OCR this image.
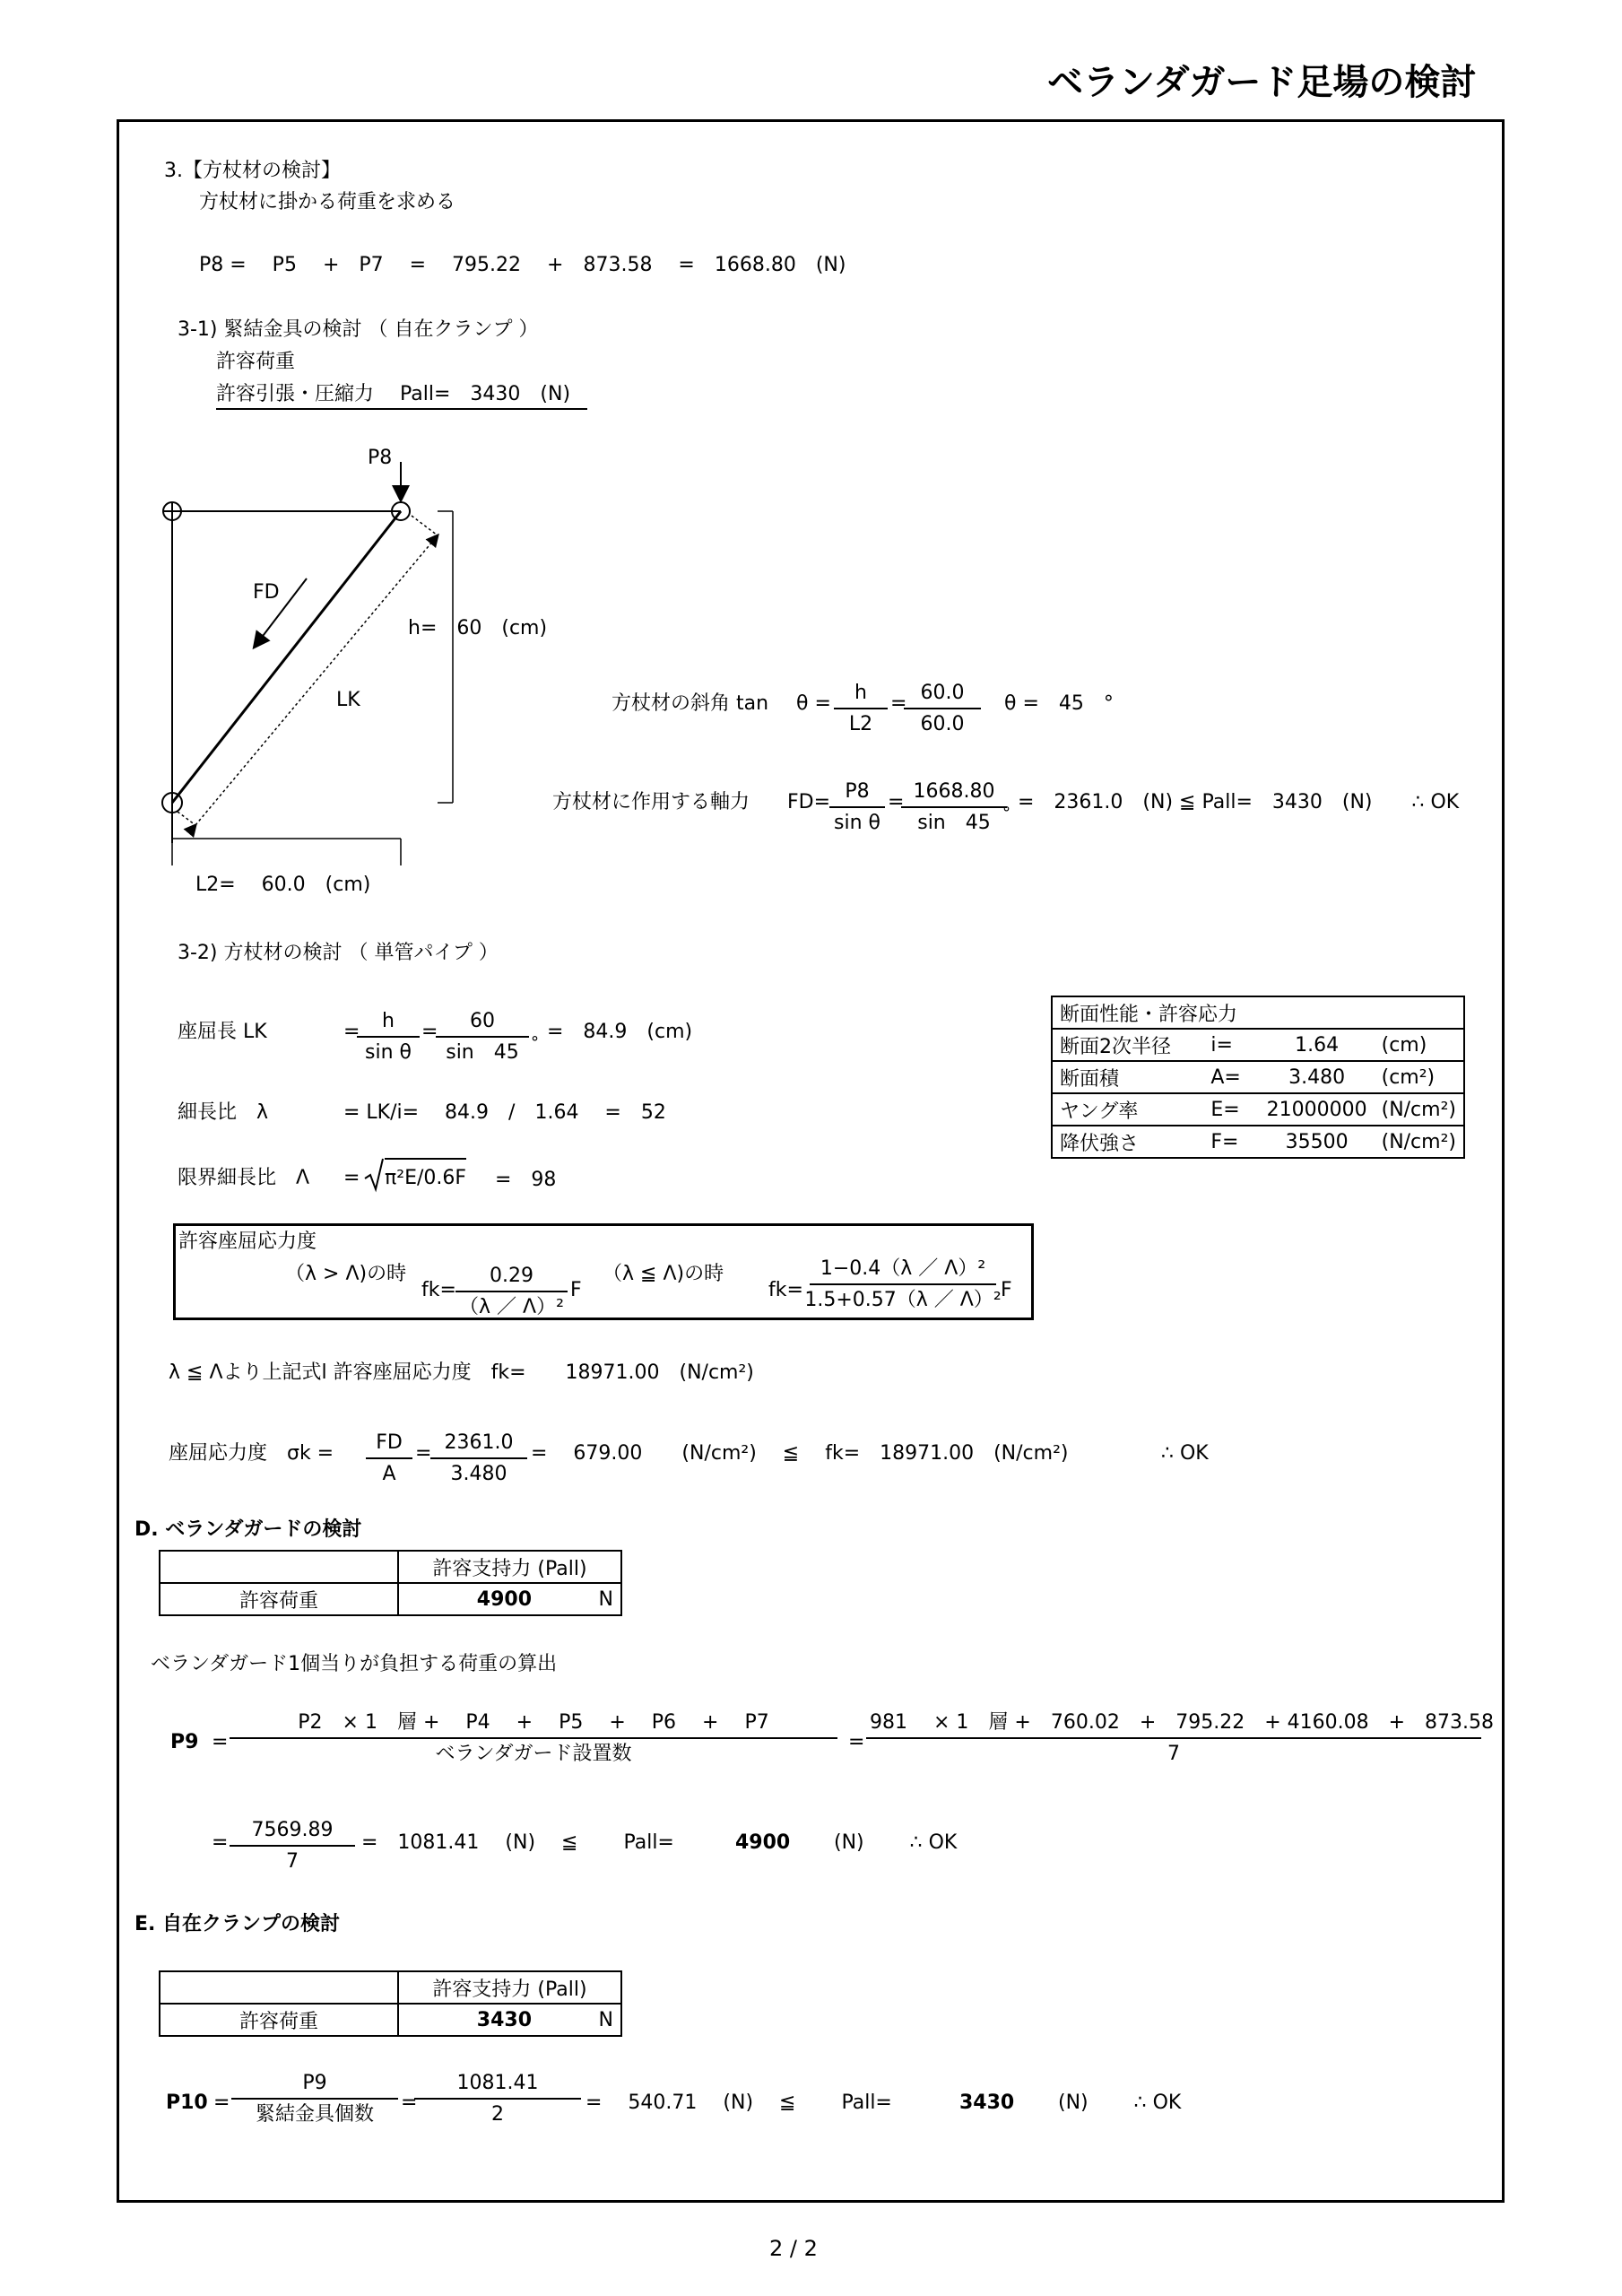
ベランダガード足場の検討
3.【方杖材の検討】
方杖材に掛かる荷重を求める
P8 =　 P5　 +　P7　 =　 795.22　 +　873.58　 =　1668.80　(N)
3-1) 緊結金具の検討 （ 自在クランプ ）
許容荷重
許容引張・圧縮力　 Pall=　3430　(N)
P8
FD
LK
h=　60　(cm)
L2=　 60.0　(cm)
方杖材の斜角 $\tan \theta = \frac{h}{L2}$ =
$\frac{60.0}{60.0}$ θ =　45　°
方杖材に作用する軸力 FD=
$\frac{P8}{\text{sin θ}}$ =
$\frac{1668.80}{\sin 45}$
° =　2361.0　(N) ≦ Pall=　3430　(N)　　∴ OK
3-2) 方杖材の検討 （ 単管パイプ ）
座屈長 LK	=
$\frac{h}{\text{sin θ}}$ =
$\frac{60}{\sin 45}$ ° =　84.9　(cm)
細長比　λ	= LK/i=　 84.9　/　1.64　 =　52
限界細長比　Λ = π²E/0.6F =　98
断面性能・許容応力			
断面2次半径	i=	1.64	(cm)
断面積	A=	3.480	(cm²)
ヤング率	E=	21000000	(N/cm²)
降伏強さ	F=	35500	(N/cm²)
許容座屈応力度
（λ > Λ)の時
$fk= \frac{0.29}{\text{（λ ／ Λ）²}}$ F
（λ ≦ Λ)の時
$fk= \frac{\text{1−0.4（λ ／ Λ）²}}{\text{1.5+0.57（λ ／ Λ）²}}$ F
λ ≦ Λより上記式l 許容座屈応力度　fk=　　18971.00　(N/cm²)
座屈応力度　$\sigma k = \frac{FD}{A}$ =
$\frac{2361.0}{3.480}$ =　 679.00　　(N/cm²)　 ≦　 fk=　18971.00　(N/cm²)	∴ OK
D. ベランダガードの検討
	許容支持力 (Pall)	
許容荷重	4900	N
ベランダガード1個当りが負担する荷重の算出
P9 =
P2　× 1　層 +　 P4　 +　 P5　 +　 P6　 +　 P7
ベランダガード設置数
=
981　 × 1　層 +　760.02　+　795.22　+ 4160.08　+　873.58
7
= $\frac{7569.89}{7}$ =　1081.41　 (N)　 ≦　　 Pall=	4900 (N)　　 ∴ OK
E. 自在クランプの検討
	許容支持力 (Pall)	
許容荷重	3430	N
P10 =
P9
緊結金具個数
=
$\frac{1081.41}{2}$ =　 540.71　 (N)　 ≦　　 Pall=	3430 (N)　　 ∴ OK
2 / 2
